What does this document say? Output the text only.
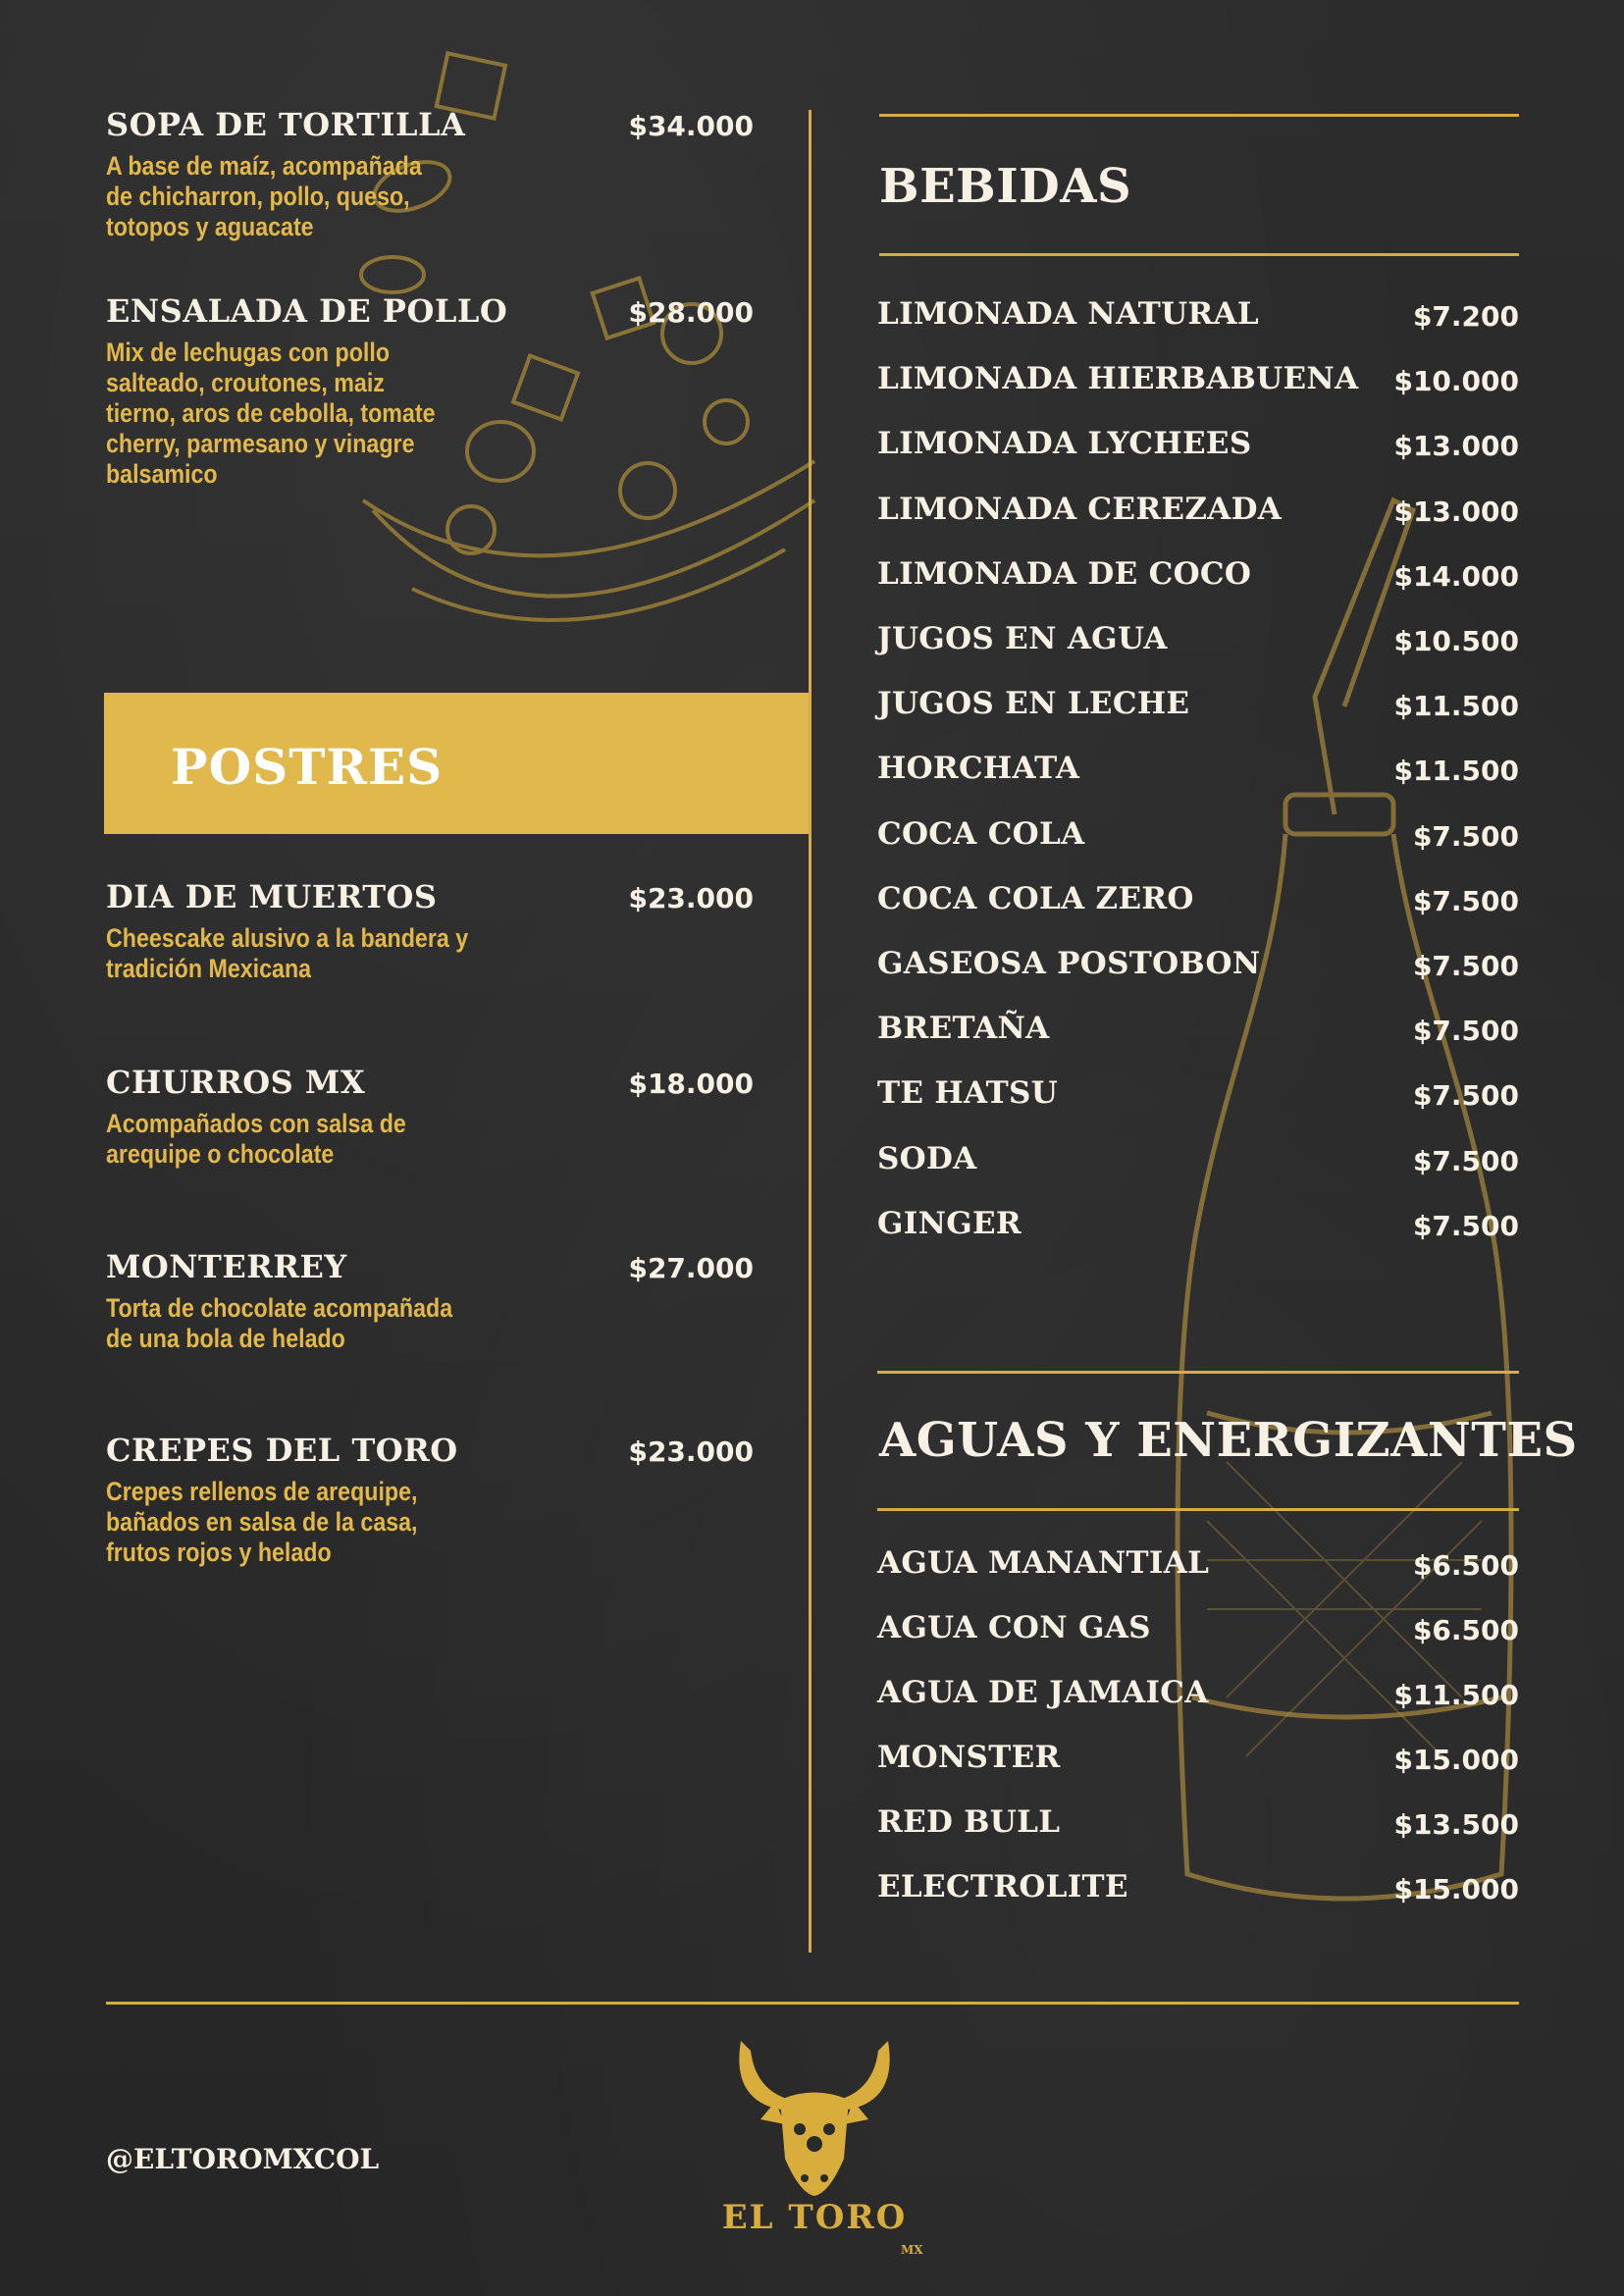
SOPA DE TORTILLA	$34.000
A base de maíz, acompañada de chicharron, pollo, queso, totopos y aguacate
ENSALADA DE POLLO	$28.000
Mix de lechugas con pollo salteado, croutones, maiz tierno, aros de cebolla, tomate cherry, parmesano y vinagre balsamico
POSTRES
DIA DE MUERTOS	$23.000
Cheescake alusivo a la bandera y tradición Mexicana
CHURROS MX	$18.000
Acompañados con salsa de arequipe o chocolate
MONTERREY	$27.000
Torta de chocolate acompañada de una bola de helado
CREPES DEL TORO	$23.000
Crepes rellenos de arequipe, bañados en salsa de la casa, frutos rojos y helado
BEBIDAS
LIMONADA NATURAL	$7.200
LIMONADA HIERBABUENA $10.000
LIMONADA LYCHEES	$13.000
LIMONADA CEREZADA	$13.000
LIMONADA DE COCO	$14.000
JUGOS EN AGUA	$10.500
JUGOS EN LECHE	$11.500
HORCHATA	$11.500
COCA COLA	$7.500
COCA COLA ZERO	$7.500
GASEOSA POSTOBON	$7.500
BRETAÑA	$7.500
TE HATSU	$7.500
SODA	$7.500
GINGER	$7.500
AGUAS Y ENERGIZANTES
AGUA MANANTIAL	$6.500
AGUA CON GAS	$6.500
AGUA DE JAMAICA	$11.500
MONSTER	$15.000
RED BULL	$13.500
ELECTROLITE	$15.000
@ELTOROMXCOL
EL TORO
MX
